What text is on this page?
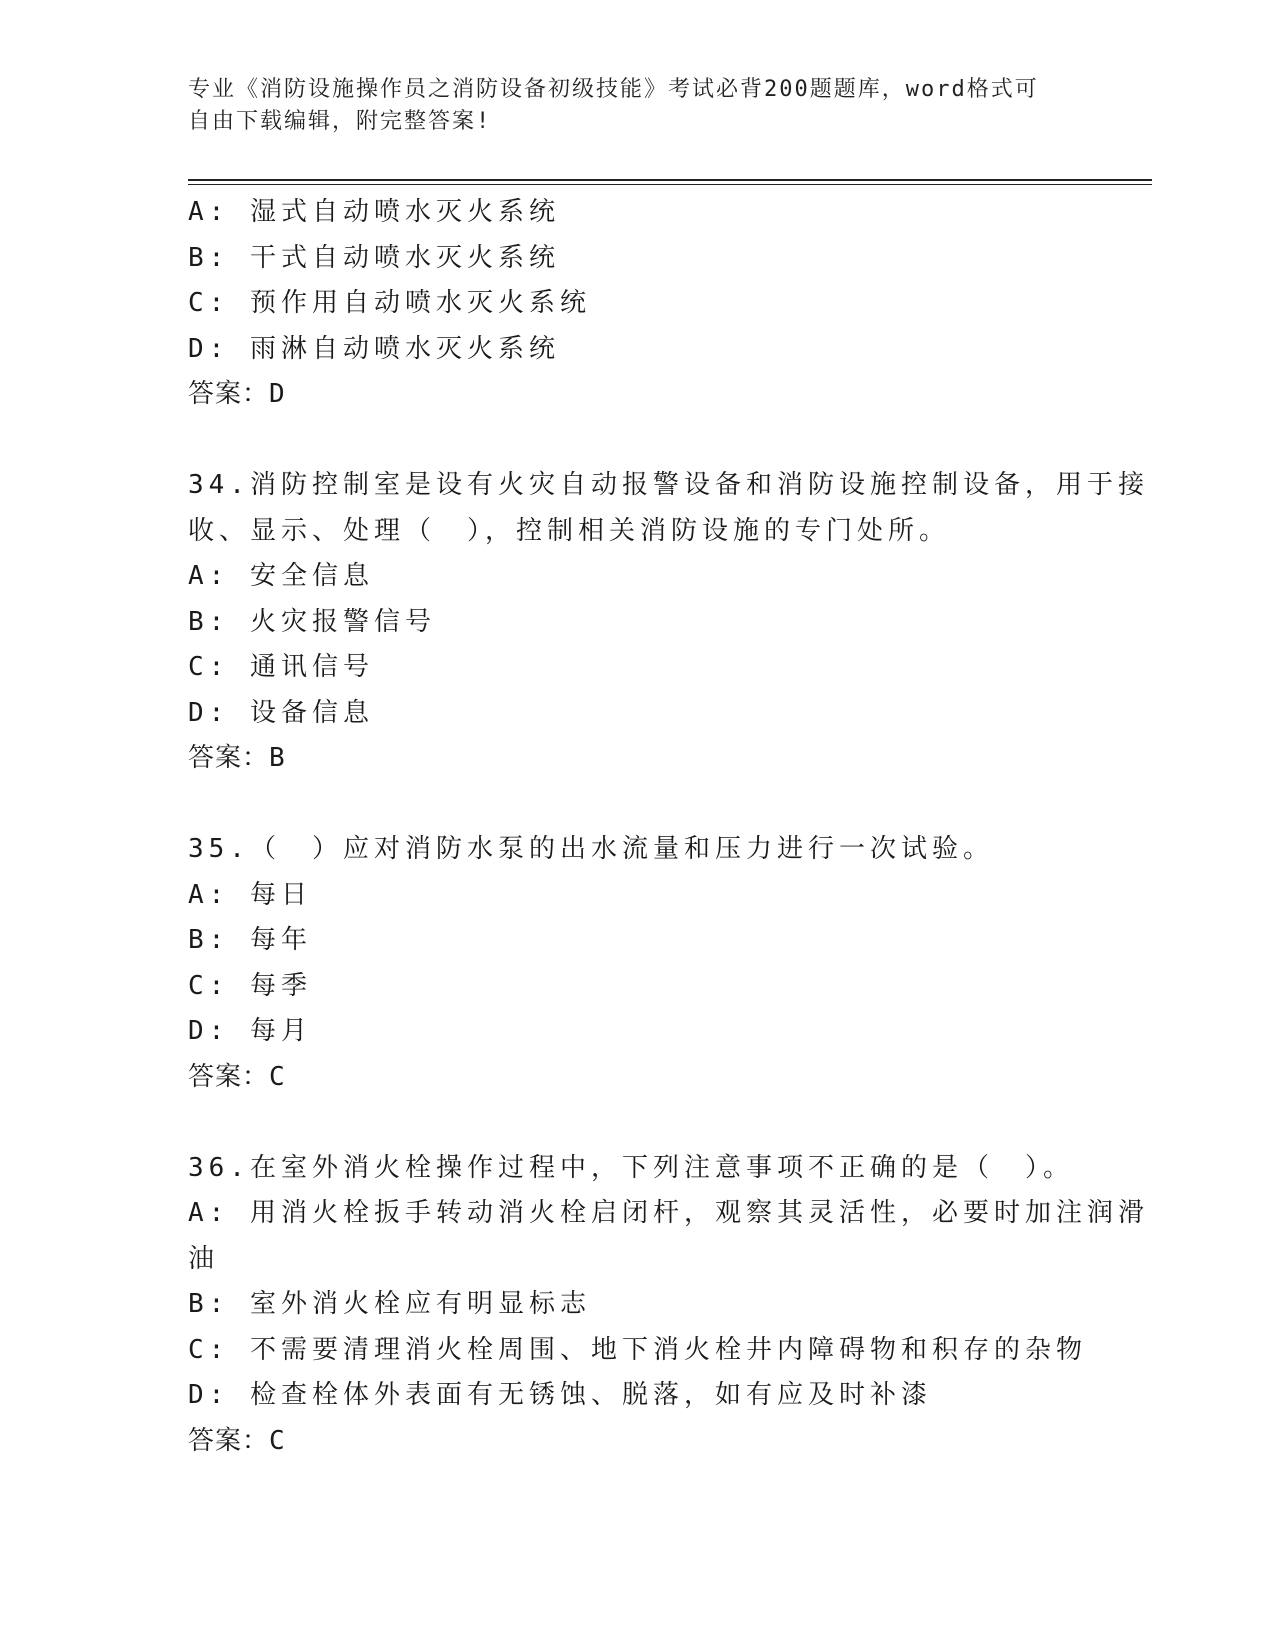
专业《消防设施操作员之消防设备初级技能》考试必背200题题库，word格式可
自由下载编辑，附完整答案!
A: 湿式自动喷水灭火系统
B: 干式自动喷水灭火系统
C: 预作用自动喷水灭火系统
D: 雨淋自动喷水灭火系统
答案：D
34.消防控制室是设有火灾自动报警设备和消防设施控制设备，用于接
收、显示、处理（　），控制相关消防设施的专门处所。
A: 安全信息
B: 火灾报警信号
C: 通讯信号
D: 设备信息
答案：B
35.（　）应对消防水泵的出水流量和压力进行一次试验。
A: 每日
B: 每年
C: 每季
D: 每月
答案：C
36.在室外消火栓操作过程中，下列注意事项不正确的是（　）。
A: 用消火栓扳手转动消火栓启闭杆，观察其灵活性，必要时加注润滑
油
B: 室外消火栓应有明显标志
C: 不需要清理消火栓周围、地下消火栓井内障碍物和积存的杂物
D: 检查栓体外表面有无锈蚀、脱落，如有应及时补漆
答案：C
